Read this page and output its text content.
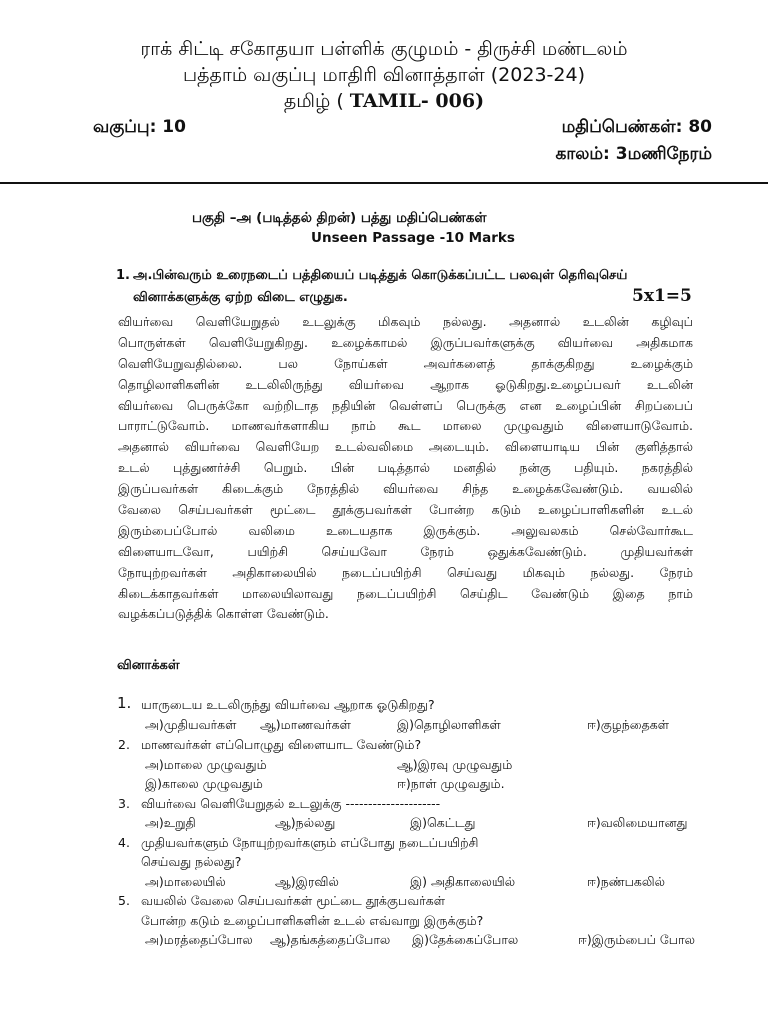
ராக் சிட்டி சகோதயா பள்ளிக் குழுமம் - திருச்சி மண்டலம்
பத்தாம் வகுப்பு மாதிரி வினாத்தாள் (2023-24)
தமிழ் ( TAMIL- 006)
வகுப்பு: 10	மதிப்பெண்கள்: 80
காலம்: 3மணிநேரம்
பகுதி –அ (படித்தல் திறன்) பத்து மதிப்பெண்கள்
Unseen Passage -10 Marks
1. அ.பின்வரும் உரைநடைப் பத்தியைப் படித்துக் கொடுக்கப்பட்ட பலவுள் தெரிவுசெய்
வினாக்களுக்கு ஏற்ற விடை எழுதுக.	5x1=5
வியர்வை வெளியேறுதல் உடலுக்கு மிகவும் நல்லது. அதனால் உடலின் கழிவுப்
பொருள்கள் வெளியேறுகிறது. உழைக்காமல் இருப்பவர்களுக்கு வியர்வை அதிகமாக
வெளியேறுவதில்லை. பல நோய்கள் அவர்களைத் தாக்குகிறது உழைக்கும்
தொழிலாளிகளின் உடலிலிருந்து வியர்வை ஆறாக ஓடுகிறது.உழைப்பவர் உடலின்
வியர்வை பெருக்கோ வற்றிடாத நதியின் வெள்ளப் பெருக்கு என உழைப்பின் சிறப்பைப்
பாராட்டுவோம். மாணவர்களாகிய நாம் கூட மாலை முழுவதும் விளையாடுவோம்.
அதனால் வியர்வை வெளியேற உடல்வலிமை அடையும். விளையாடிய பின் குளித்தால்
உடல் புத்துணர்ச்சி பெறும். பின் படித்தால் மனதில் நன்கு பதியும். நகரத்தில்
இருப்பவர்கள் கிடைக்கும் நேரத்தில் வியர்வை சிந்த உழைக்கவேண்டும். வயலில்
வேலை செய்பவர்கள் மூட்டை தூக்குபவர்கள் போன்ற கடும் உழைப்பாளிகளின் உடல்
இரும்பைப்போல் வலிமை உடையதாக இருக்கும். அலுவலகம் செல்வோர்கூட
விளையாடவோ, பயிற்சி செய்யவோ நேரம் ஒதுக்கவேண்டும். முதியவர்கள்
நோயுற்றவர்கள் அதிகாலையில் நடைப்பயிற்சி செய்வது மிகவும் நல்லது. நேரம்
கிடைக்காதவர்கள் மாலையிலாவது நடைப்பயிற்சி செய்திட வேண்டும் இதை நாம்
வழக்கப்படுத்திக் கொள்ள வேண்டும்.
வினாக்கள்
1. யாருடைய உடலிருந்து வியர்வை ஆறாக ஓடுகிறது?
அ)முதியவர்கள் ஆ)மாணவர்கள்	இ)தொழிலாளிகள்	ஈ)குழந்தைகள்
2. மாணவர்கள் எப்பொழுது விளையாட வேண்டும்?
அ)மாலை முழுவதும்	ஆ)இரவு முழுவதும்
இ)காலை முழுவதும்	ஈ)நாள் முழுவதும்.
3. வியர்வை வெளியேறுதல் உடலுக்கு ---------------------
அ)உறுதி	ஆ)நல்லது	இ)கெட்டது	ஈ)வலிமையானது
4. முதியவர்களும் நோயுற்றவர்களும் எப்போது நடைப்பயிற்சி
செய்வது நல்லது?
அ)மாலையில்	ஆ)இரவில்	இ) அதிகாலையில்	ஈ)நண்பகலில்
5. வயலில் வேலை செய்பவர்கள் மூட்டை தூக்குபவர்கள்
போன்ற கடும் உழைப்பாளிகளின் உடல் எவ்வாறு இருக்கும்?
அ)மரத்தைப்போல ஆ)தங்கத்தைப்போல இ)தேக்கைப்போல	ஈ)இரும்பைப் போல
